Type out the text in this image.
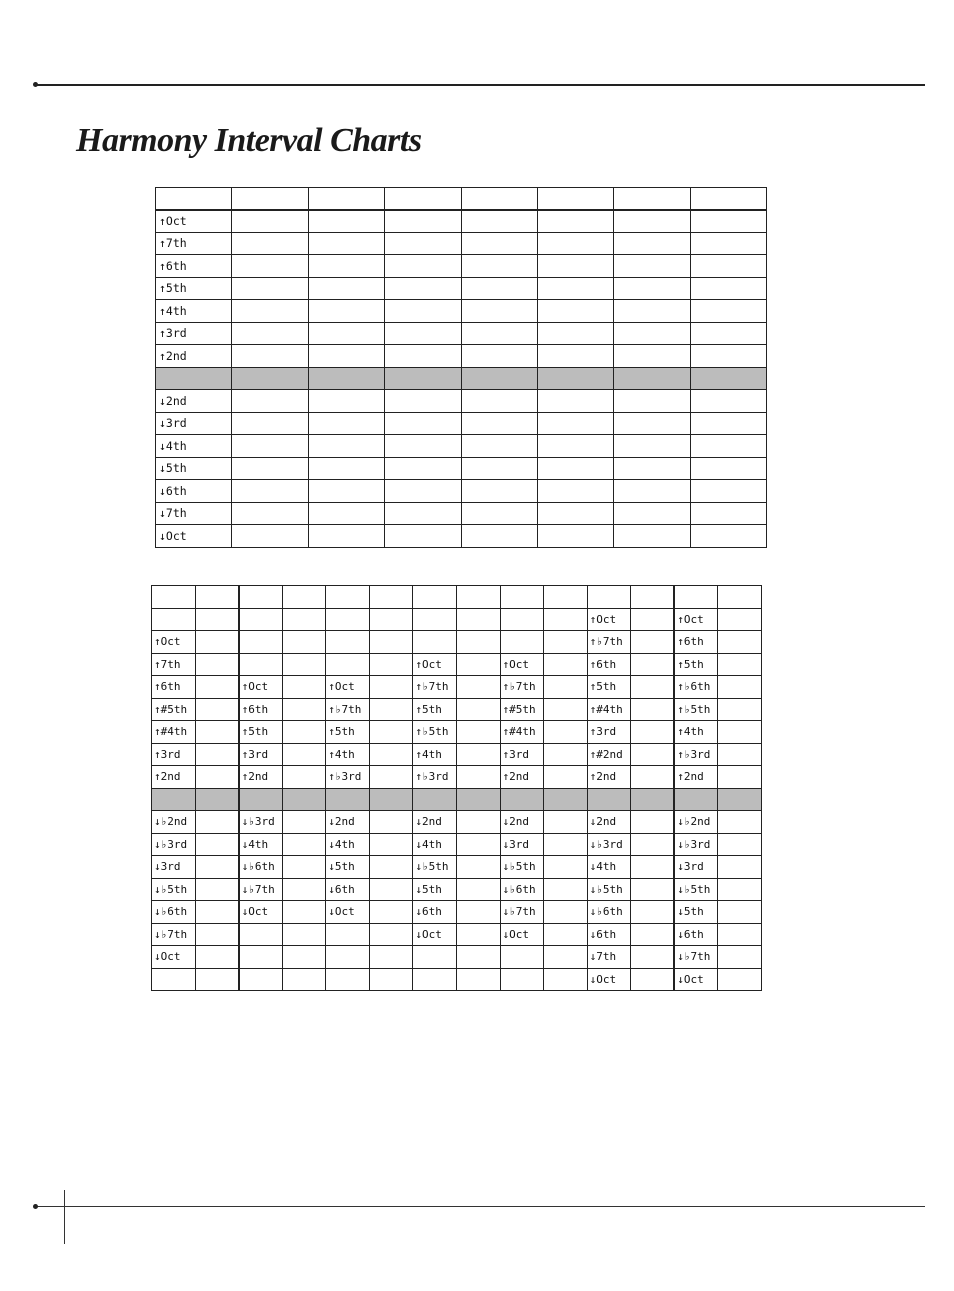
Harmony Interval Charts

↑Oct							
↑7th							
↑6th							
↑5th							
↑4th							
↑3rd							
↑2nd							

↓2nd							
↓3rd							
↓4th							
↓5th							
↓6th							
↓7th							
↓Oct							

										↑Oct		↑Oct	
↑Oct										↑♭7th		↑6th	
↑7th						↑Oct		↑Oct		↑6th		↑5th	
↑6th		↑Oct		↑Oct		↑♭7th		↑♭7th		↑5th		↑♭6th	
↑#5th		↑6th		↑♭7th		↑5th		↑#5th		↑#4th		↑♭5th	
↑#4th		↑5th		↑5th		↑♭5th		↑#4th		↑3rd		↑4th	
↑3rd		↑3rd		↑4th		↑4th		↑3rd		↑#2nd		↑♭3rd	
↑2nd		↑2nd		↑♭3rd		↑♭3rd		↑2nd		↑2nd		↑2nd	

↓♭2nd		↓♭3rd		↓2nd		↓2nd		↓2nd		↓2nd		↓♭2nd	
↓♭3rd		↓4th		↓4th		↓4th		↓3rd		↓♭3rd		↓♭3rd	
↓3rd		↓♭6th		↓5th		↓♭5th		↓♭5th		↓4th		↓3rd	
↓♭5th		↓♭7th		↓6th		↓5th		↓♭6th		↓♭5th		↓♭5th	
↓♭6th		↓Oct		↓Oct		↓6th		↓♭7th		↓♭6th		↓5th	
↓♭7th						↓Oct		↓Oct		↓6th		↓6th	
↓Oct										↓7th		↓♭7th	
										↓Oct		↓Oct	
